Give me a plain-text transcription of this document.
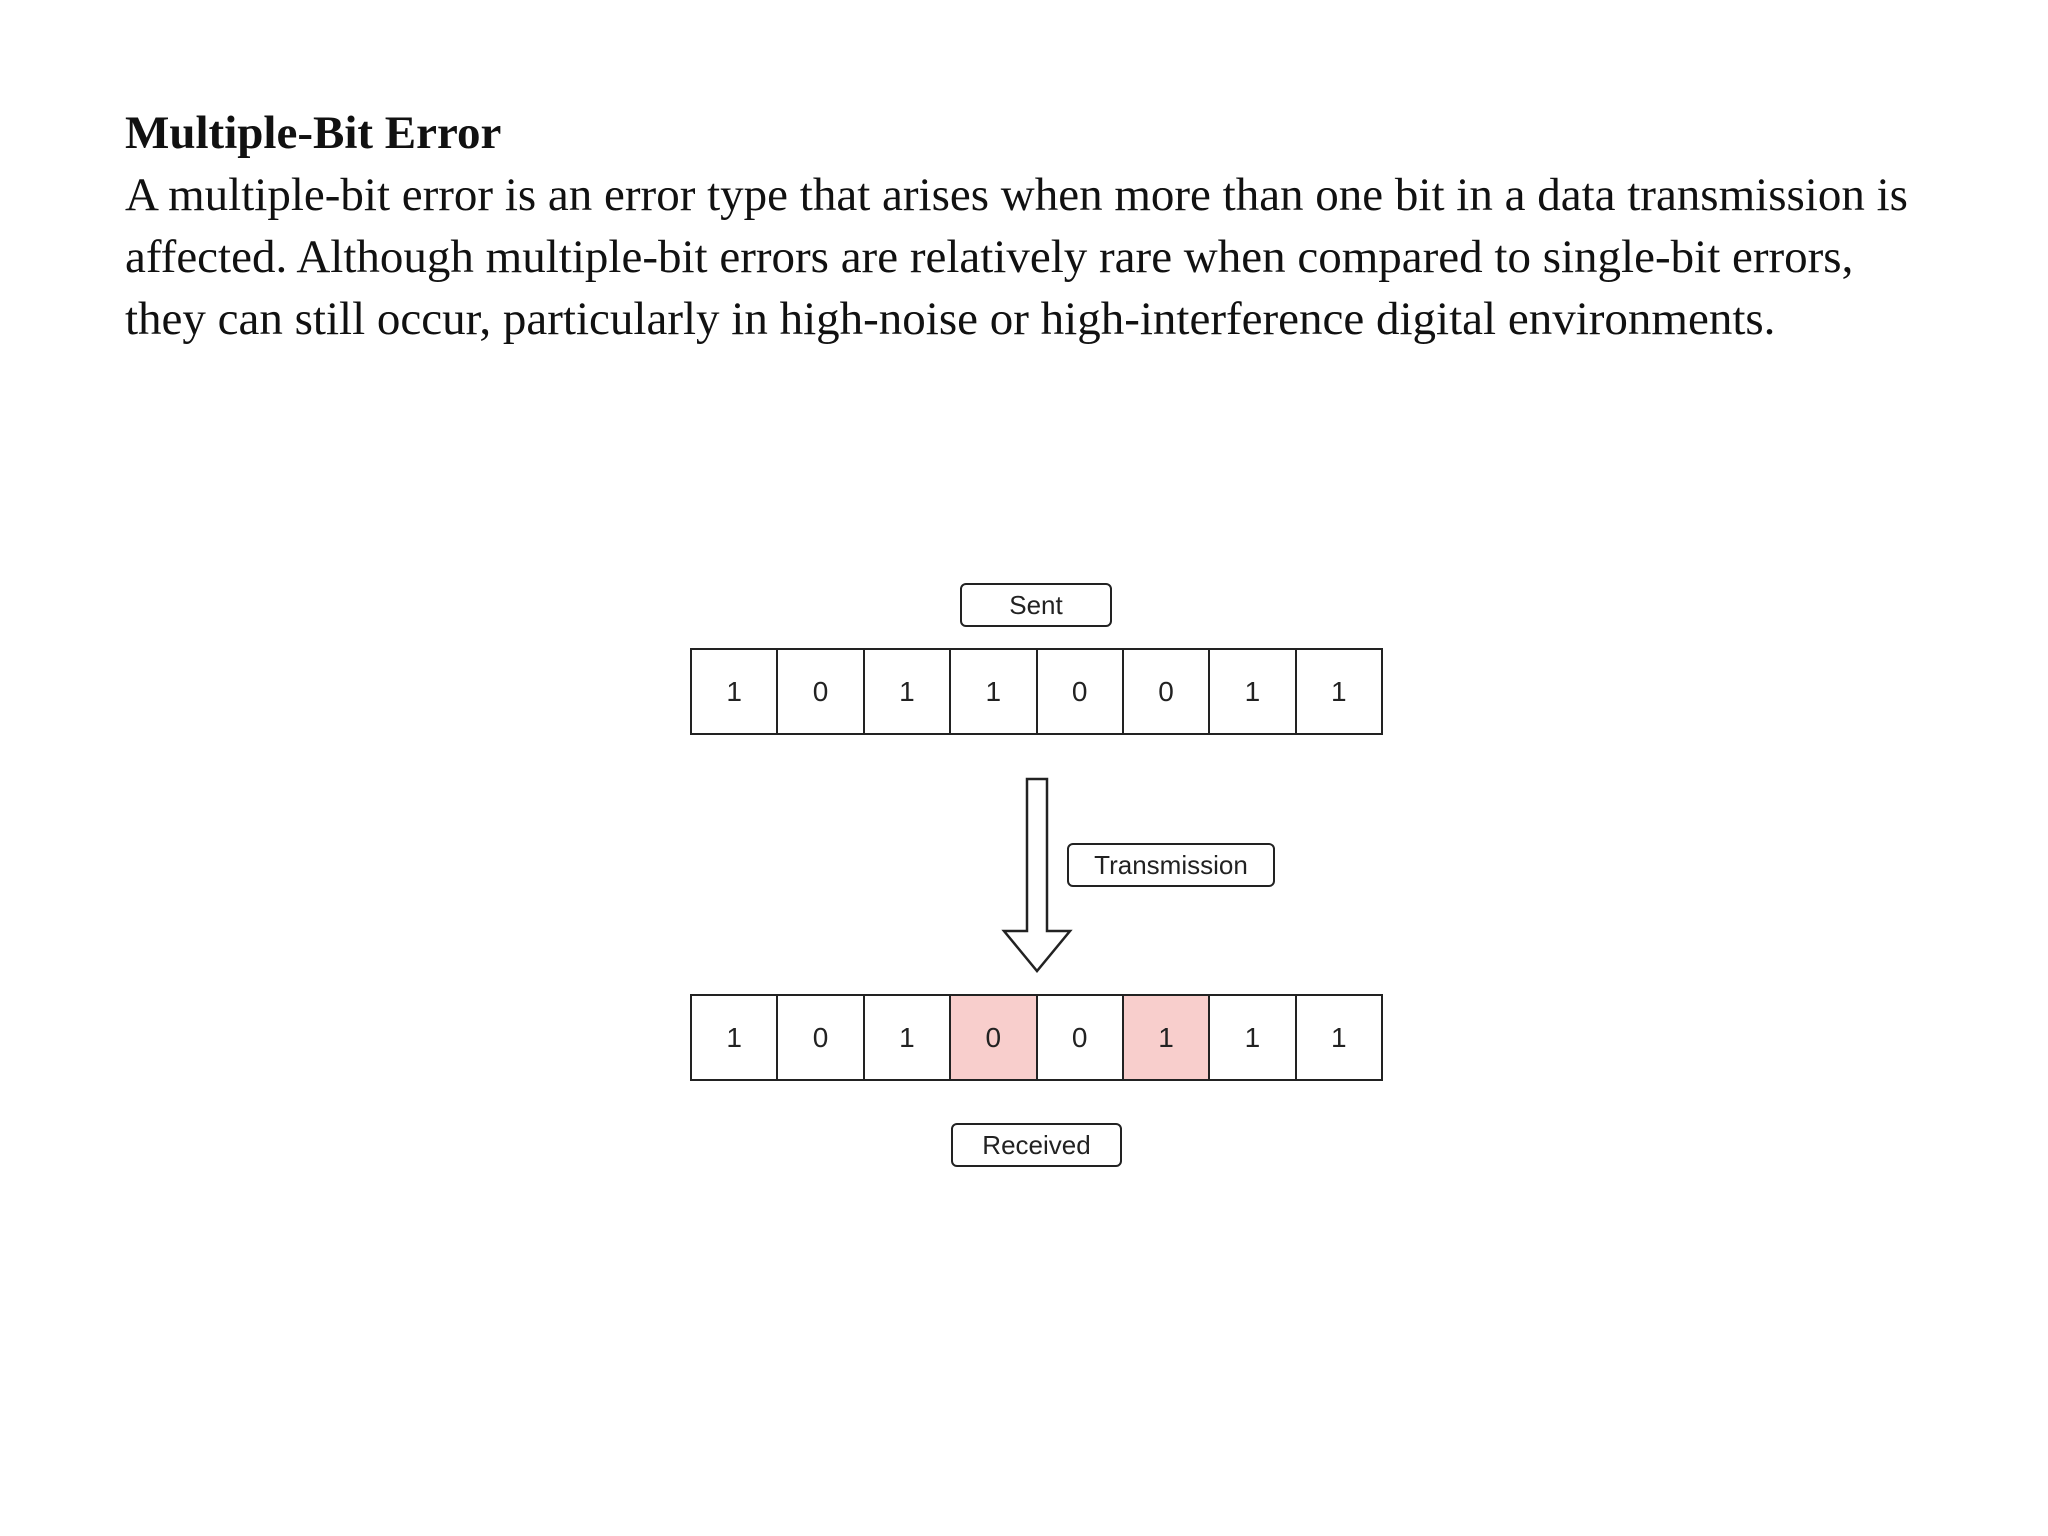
Multiple-Bit Error

A multiple-bit error is an error type that arises when more than one bit in a data transmission is affected. Although multiple-bit errors are relatively rare when compared to single-bit errors, they can still occur, particularly in high-noise or high-interference digital environments.

Sent
1	0	1	1	0	0	1	1
Transmission
1	0	1	0	0	1	1	1
Received
